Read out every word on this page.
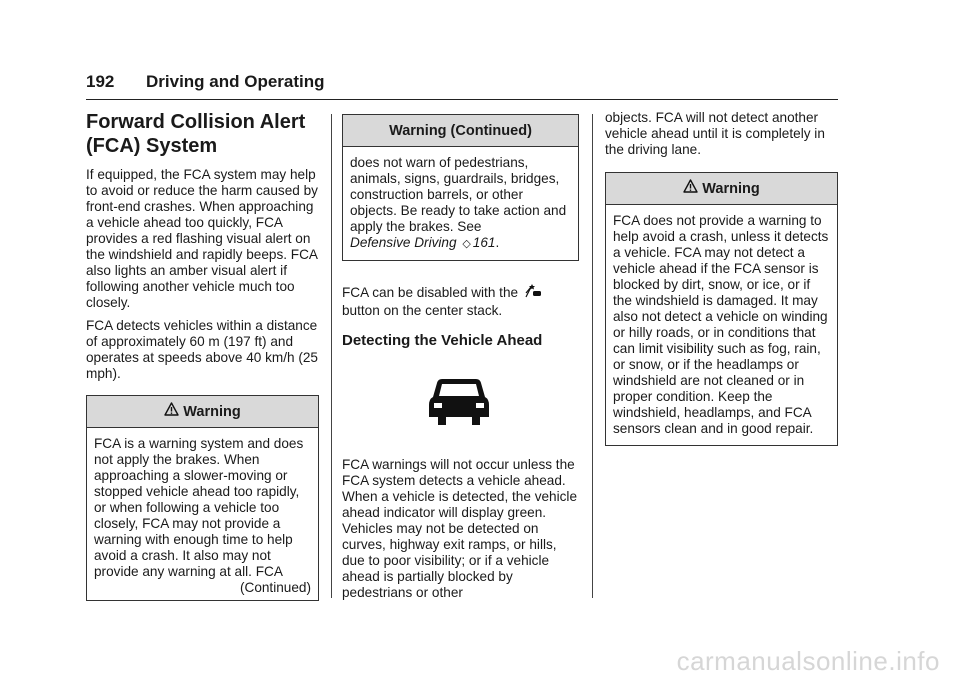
192 Driving and Operating
Forward Collision Alert
(FCA) System

If equipped, the FCA system may help to avoid or reduce the harm caused by front-end crashes. When approaching a vehicle ahead too quickly, FCA provides a red flashing visual alert on the windshield and rapidly beeps. FCA also lights an amber visual alert if following another vehicle much too closely.

FCA detects vehicles within a distance of approximately 60 m (197 ft) and operates at speeds above 40 km/h (25 mph).

Warning

FCA is a warning system and does not apply the brakes. When approaching a slower-moving or stopped vehicle ahead too rapidly, or when following a vehicle too closely, FCA may not provide a warning with enough time to help avoid a crash. It also may not provide any warning at all. FCA

(Continued)

Warning (Continued)
does not warn of pedestrians, animals, signs, guardrails, bridges, construction barrels, or other objects. Be ready to take action and apply the brakes. See
Defensive Driving ◇ 161.

FCA can be disabled with the
button on the center stack.

Detecting the Vehicle Ahead

FCA warnings will not occur unless the FCA system detects a vehicle ahead. When a vehicle is detected, the vehicle ahead indicator will display green. Vehicles may not be detected on curves, highway exit ramps, or hills, due to poor visibility; or if a vehicle ahead is partially blocked by pedestrians or other

objects. FCA will not detect another vehicle ahead until it is completely in the driving lane.

Warning

FCA does not provide a warning to help avoid a crash, unless it detects a vehicle. FCA may not detect a vehicle ahead if the FCA sensor is blocked by dirt, snow, or ice, or if the windshield is damaged. It may also not detect a vehicle on winding or hilly roads, or in conditions that can limit visibility such as fog, rain, or snow, or if the headlamps or windshield are not cleaned or in proper condition. Keep the windshield, headlamps, and FCA sensors clean and in good repair.

carmanualsonline.info
